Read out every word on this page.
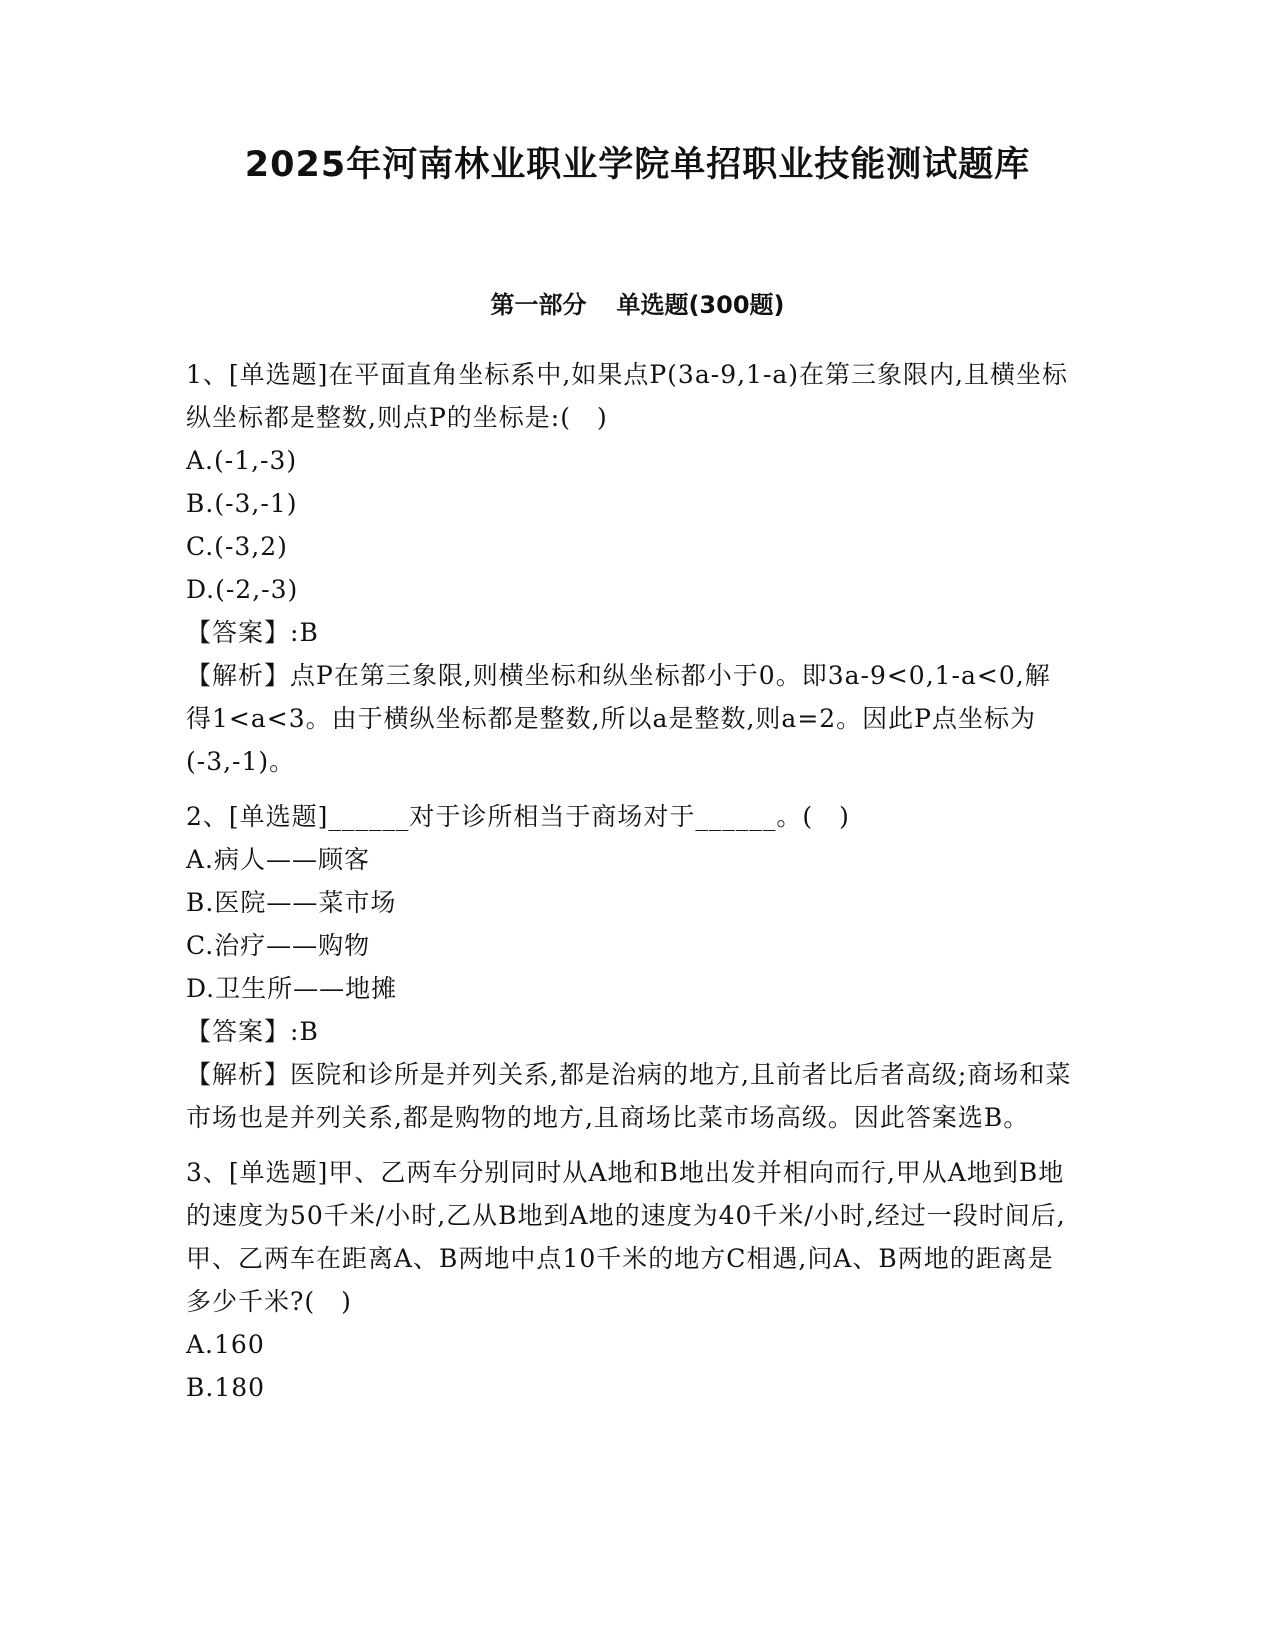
2025年河南林业职业学院单招职业技能测试题库
第一部分 单选题(300题)
1、[单选题]在平面直角坐标系中,如果点P(3a-9,1-a)在第三象限内,且横坐标纵坐标都是整数,则点P的坐标是:(　)
A.(-1,-3)
B.(-3,-1)
C.(-3,2)
D.(-2,-3)
【答案】:B
【解析】点P在第三象限,则横坐标和纵坐标都小于0。即3a-9<0,1-a<0,解得1<a<3。由于横纵坐标都是整数,所以a是整数,则a=2。因此P点坐标为(-3,-1)。
2、[单选题]______对于诊所相当于商场对于______。(　)
A.病人——顾客
B.医院——菜市场
C.治疗——购物
D.卫生所——地摊
【答案】:B
【解析】医院和诊所是并列关系,都是治病的地方,且前者比后者高级;商场和菜市场也是并列关系,都是购物的地方,且商场比菜市场高级。因此答案选B。
3、[单选题]甲、乙两车分别同时从A地和B地出发并相向而行,甲从A地到B地的速度为50千米/小时,乙从B地到A地的速度为40千米/小时,经过一段时间后,甲、乙两车在距离A、B两地中点10千米的地方C相遇,问A、B两地的距离是多少千米?(　)
A.160
B.180
